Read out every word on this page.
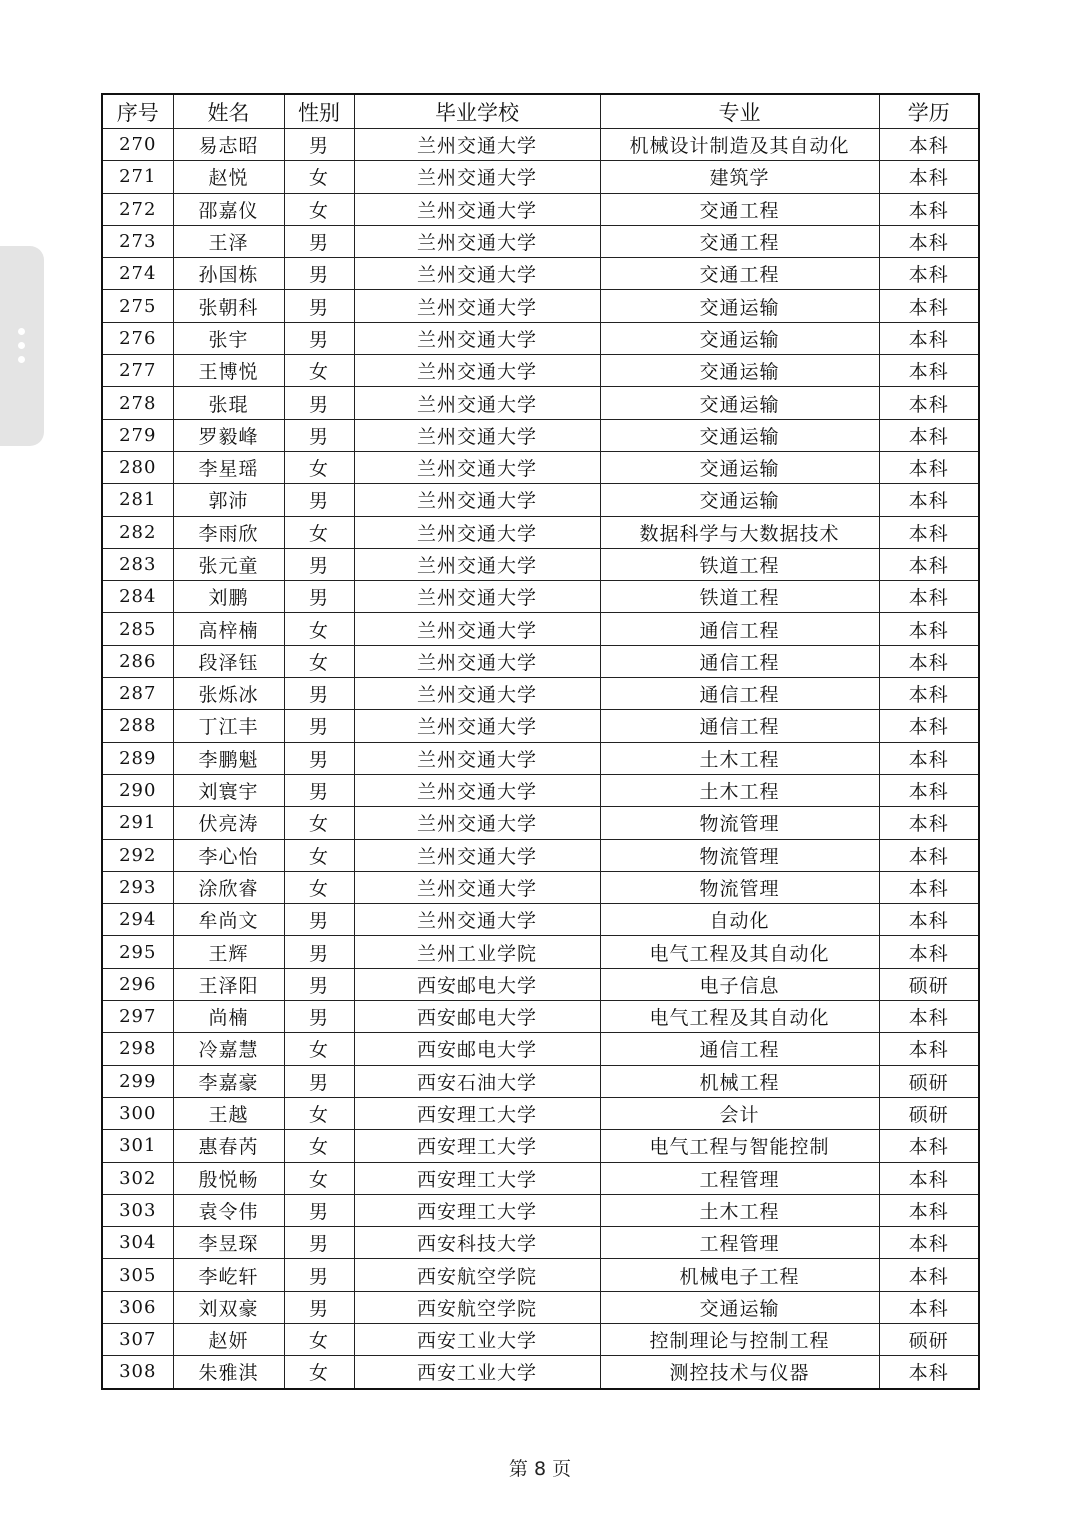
序号	姓名	性别	毕业学校	专业	学历
270	易志昭	男	兰州交通大学	机械设计制造及其自动化	本科
271	赵悦	女	兰州交通大学	建筑学	本科
272	邵嘉仪	女	兰州交通大学	交通工程	本科
273	王泽	男	兰州交通大学	交通工程	本科
274	孙国栋	男	兰州交通大学	交通工程	本科
275	张朝科	男	兰州交通大学	交通运输	本科
276	张宇	男	兰州交通大学	交通运输	本科
277	王博悦	女	兰州交通大学	交通运输	本科
278	张琨	男	兰州交通大学	交通运输	本科
279	罗毅峰	男	兰州交通大学	交通运输	本科
280	李星瑶	女	兰州交通大学	交通运输	本科
281	郭沛	男	兰州交通大学	交通运输	本科
282	李雨欣	女	兰州交通大学	数据科学与大数据技术	本科
283	张元童	男	兰州交通大学	铁道工程	本科
284	刘鹏	男	兰州交通大学	铁道工程	本科
285	高梓楠	女	兰州交通大学	通信工程	本科
286	段泽钰	女	兰州交通大学	通信工程	本科
287	张烁冰	男	兰州交通大学	通信工程	本科
288	丁江丰	男	兰州交通大学	通信工程	本科
289	李鹏魁	男	兰州交通大学	土木工程	本科
290	刘寰宇	男	兰州交通大学	土木工程	本科
291	伏亮涛	女	兰州交通大学	物流管理	本科
292	李心怡	女	兰州交通大学	物流管理	本科
293	涂欣睿	女	兰州交通大学	物流管理	本科
294	牟尚文	男	兰州交通大学	自动化	本科
295	王辉	男	兰州工业学院	电气工程及其自动化	本科
296	王泽阳	男	西安邮电大学	电子信息	硕研
297	尚楠	男	西安邮电大学	电气工程及其自动化	本科
298	冷嘉慧	女	西安邮电大学	通信工程	本科
299	李嘉豪	男	西安石油大学	机械工程	硕研
300	王越	女	西安理工大学	会计	硕研
301	惠春芮	女	西安理工大学	电气工程与智能控制	本科
302	殷悦畅	女	西安理工大学	工程管理	本科
303	袁令伟	男	西安理工大学	土木工程	本科
304	李昱琛	男	西安科技大学	工程管理	本科
305	李屹轩	男	西安航空学院	机械电子工程	本科
306	刘双豪	男	西安航空学院	交通运输	本科
307	赵妍	女	西安工业大学	控制理论与控制工程	硕研
308	朱雅淇	女	西安工业大学	测控技术与仪器	本科
第 8 页
